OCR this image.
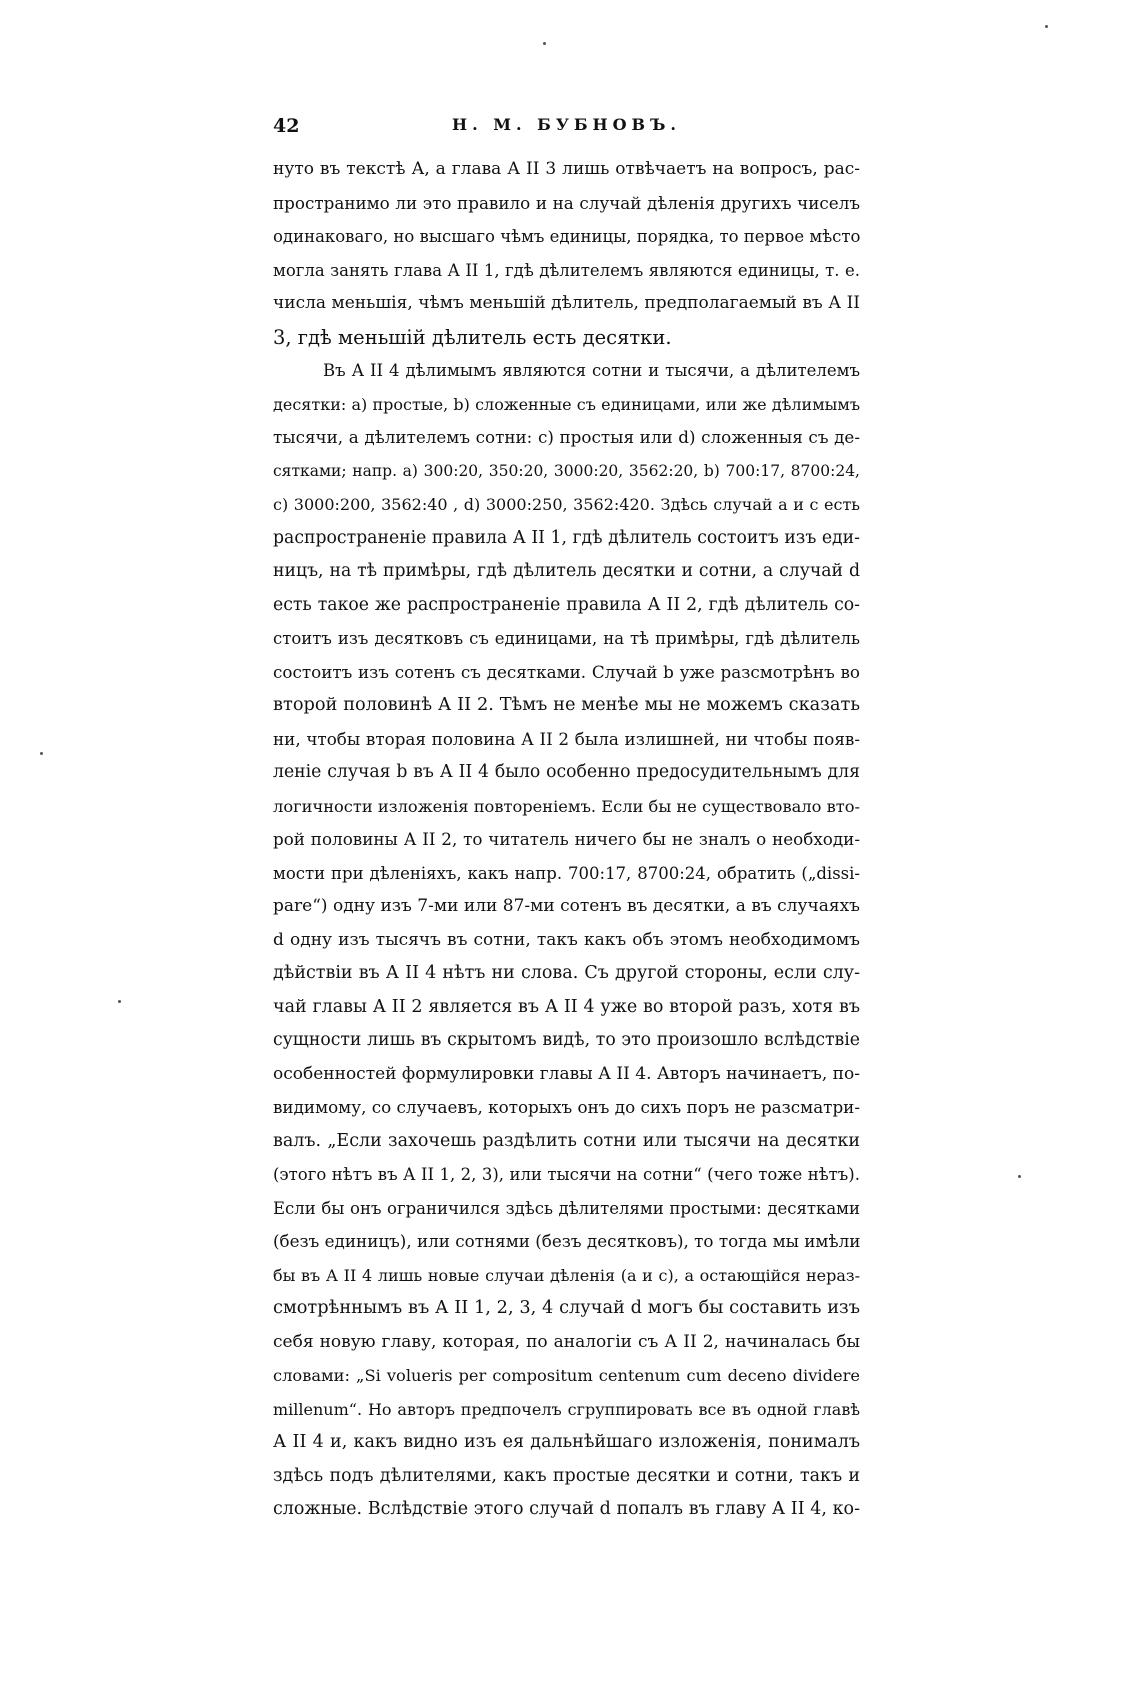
42	Н. М. БУБНОВЪ.
нуто въ текстѣ А, а глава А II 3 лишь отвѣчаетъ на вопросъ, рас-
пространимо ли это правило и на случай дѣленія другихъ чиселъ
одинаковаго, но высшаго чѣмъ единицы, порядка, то первое мѣсто
могла занять глава А II 1, гдѣ дѣлителемъ являются единицы, т. е.
числа меньшія, чѣмъ меньшій дѣлитель, предполагаемый въ А II
3, гдѣ меньшій дѣлитель есть десятки.
Въ А II 4 дѣлимымъ являются сотни и тысячи, а дѣлителемъ
десятки: a) простые, b) сложенные съ единицами, или же дѣлимымъ
тысячи, а дѣлителемъ сотни: c) простыя или d) сложенныя съ де-
сятками; напр. a) 300:20, 350:20, 3000:20, 3562:20, b) 700:17, 8700:24,
c) 3000:200, 3562:40 , d) 3000:250, 3562:420. Здѣсь случай a и c есть
распространеніе правила А II 1, гдѣ дѣлитель состоитъ изъ еди-
ницъ, на тѣ примѣры, гдѣ дѣлитель десятки и сотни, а случай d
есть такое же распространеніе правила А II 2, гдѣ дѣлитель со-
стоитъ изъ десятковъ съ единицами, на тѣ примѣры, гдѣ дѣлитель
состоитъ изъ сотенъ съ десятками. Случай b уже разсмотрѣнъ во
второй половинѣ А II 2. Тѣмъ не менѣе мы не можемъ сказать
ни, чтобы вторая половина А II 2 была излишней, ни чтобы появ-
леніе случая b въ А II 4 было особенно предосудительнымъ для
логичности изложенія повтореніемъ. Если бы не существовало вто-
рой половины А II 2, то читатель ничего бы не зналъ о необходи-
мости при дѣленіяхъ, какъ напр. 700:17, 8700:24, обратить („dissi-
pare“) одну изъ 7-ми или 87-ми сотенъ въ десятки, а въ случаяхъ
d одну изъ тысячъ въ сотни, такъ какъ объ этомъ необходимомъ
дѣйствіи въ А II 4 нѣтъ ни слова. Съ другой стороны, если слу-
чай главы А II 2 является въ А II 4 уже во второй разъ, хотя въ
сущности лишь въ скрытомъ видѣ, то это произошло вслѣдствіе
особенностей формулировки главы А II 4. Авторъ начинаетъ, по-
видимому, со случаевъ, которыхъ онъ до сихъ поръ не разсматри-
валъ. „Если захочешь раздѣлить сотни или тысячи на десятки
(этого нѣтъ въ А II 1, 2, 3), или тысячи на сотни“ (чего тоже нѣтъ).
Если бы онъ ограничился здѣсь дѣлителями простыми: десятками
(безъ единицъ), или сотнями (безъ десятковъ), то тогда мы имѣли
бы въ А II 4 лишь новые случаи дѣленія (a и c), а остающійся нераз-
смотрѣннымъ въ А II 1, 2, 3, 4 случай d могъ бы составить изъ
себя новую главу, которая, по аналогіи съ А II 2, начиналась бы
словами: „Si volueris per compositum centenum cum deceno dividere
millenum“. Но авторъ предпочелъ сгруппировать все въ одной главѣ
А II 4 и, какъ видно изъ ея дальнѣйшаго изложенія, понималъ
здѣсь подъ дѣлителями, какъ простые десятки и сотни, такъ и
сложные. Вслѣдствіе этого случай d попалъ въ главу А II 4, ко-
